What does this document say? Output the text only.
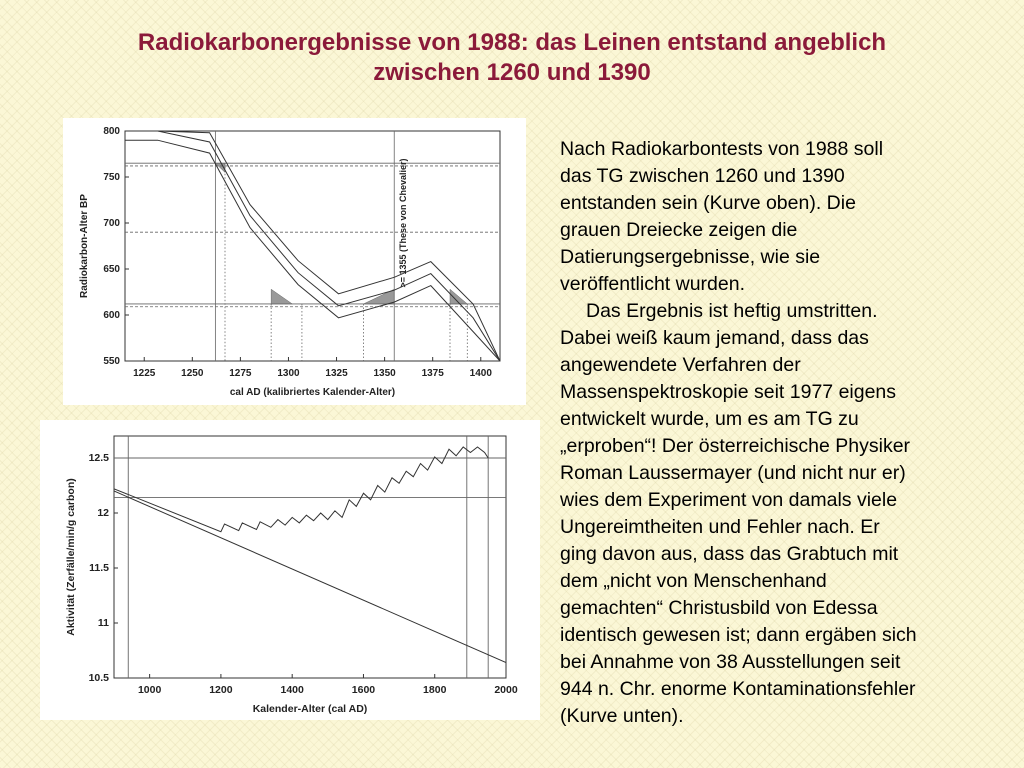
Radiokarbonergebnisse von 1988: das Leinen entstand angeblich
zwischen 1260 und 1390
1225	1250	1275	1300	1325	1350	1375	1400
550
600
650
700
750
800
cal AD (kalibriertes Kalender-Alter)
Radiokarbon-Alter BP	>= 1355 (These von Chevalier)
1000	1200	1400	1600	1800	2000
10.5
11
11.5
12
12.5
Kalender-Alter (cal AD)
Aktivität (Zerfälle/min/g carbon)

Nach Radiokarbontests von 1988 soll
das TG zwischen 1260 und 1390
entstanden sein (Kurve oben). Die
grauen Dreiecke zeigen die
Datierungsergebnisse, wie sie
veröffentlicht wurden.

Das Ergebnis ist heftig umstritten.
Dabei weiß kaum jemand, dass das
angewendete Verfahren der
Massenspektroskopie seit 1977 eigens
entwickelt wurde, um es am TG zu
„erproben“! Der österreichische Physiker
Roman Laussermayer (und nicht nur er)
wies dem Experiment von damals viele
Ungereimtheiten und Fehler nach. Er
ging davon aus, dass das Grabtuch mit
dem „nicht von Menschenhand
gemachten“ Christusbild von Edessa
identisch gewesen ist; dann ergäben sich
bei Annahme von 38 Ausstellungen seit
944 n. Chr. enorme Kontaminationsfehler
(Kurve unten).
